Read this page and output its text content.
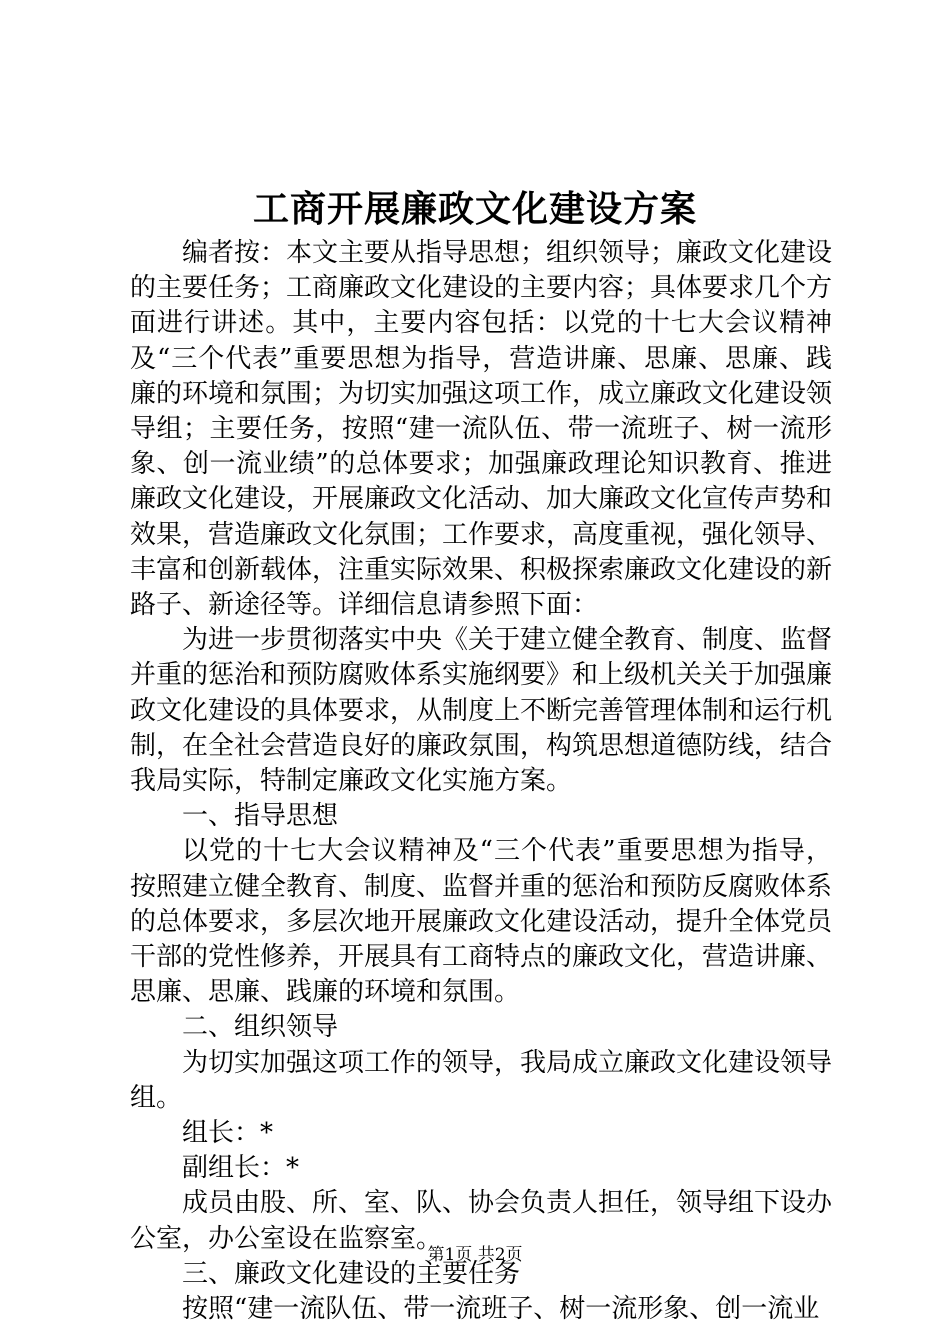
工商开展廉政文化建设方案

编者按：本文主要从指导思想；组织领导；廉政文化建设的主要任务；工商廉政文化建设的主要内容；具体要求几个方面进行讲述。其中，主要内容包括：以党的十七大会议精神及“三个代表”重要思想为指导，营造讲廉、思廉、思廉、践廉的环境和氛围；为切实加强这项工作，成立廉政文化建设领导组；主要任务，按照“建一流队伍、带一流班子、树一流形象、创一流业绩”的总体要求；加强廉政理论知识教育、推进廉政文化建设，开展廉政文化活动、加大廉政文化宣传声势和效果，营造廉政文化氛围；工作要求，高度重视，强化领导、丰富和创新载体，注重实际效果、积极探索廉政文化建设的新路子、新途径等。详细信息请参照下面：

为进一步贯彻落实中央《关于建立健全教育、制度、监督并重的惩治和预防腐败体系实施纲要》和上级机关关于加强廉政文化建设的具体要求，从制度上不断完善管理体制和运行机制，在全社会营造良好的廉政氛围，构筑思想道德防线，结合我局实际，特制定廉政文化实施方案。

一、指导思想

以党的十七大会议精神及“三个代表”重要思想为指导，按照建立健全教育、制度、监督并重的惩治和预防反腐败体系的总体要求，多层次地开展廉政文化建设活动，提升全体党员干部的党性修养，开展具有工商特点的廉政文化，营造讲廉、思廉、思廉、践廉的环境和氛围。

二、组织领导

为切实加强这项工作的领导，我局成立廉政文化建设领导组。

组长：*

副组长：*

成员由股、所、室、队、协会负责人担任，领导组下设办公室，办公室设在监察室。

三、廉政文化建设的主要任务

按照“建一流队伍、带一流班子、树一流形象、创一流业

第1页 共2页
